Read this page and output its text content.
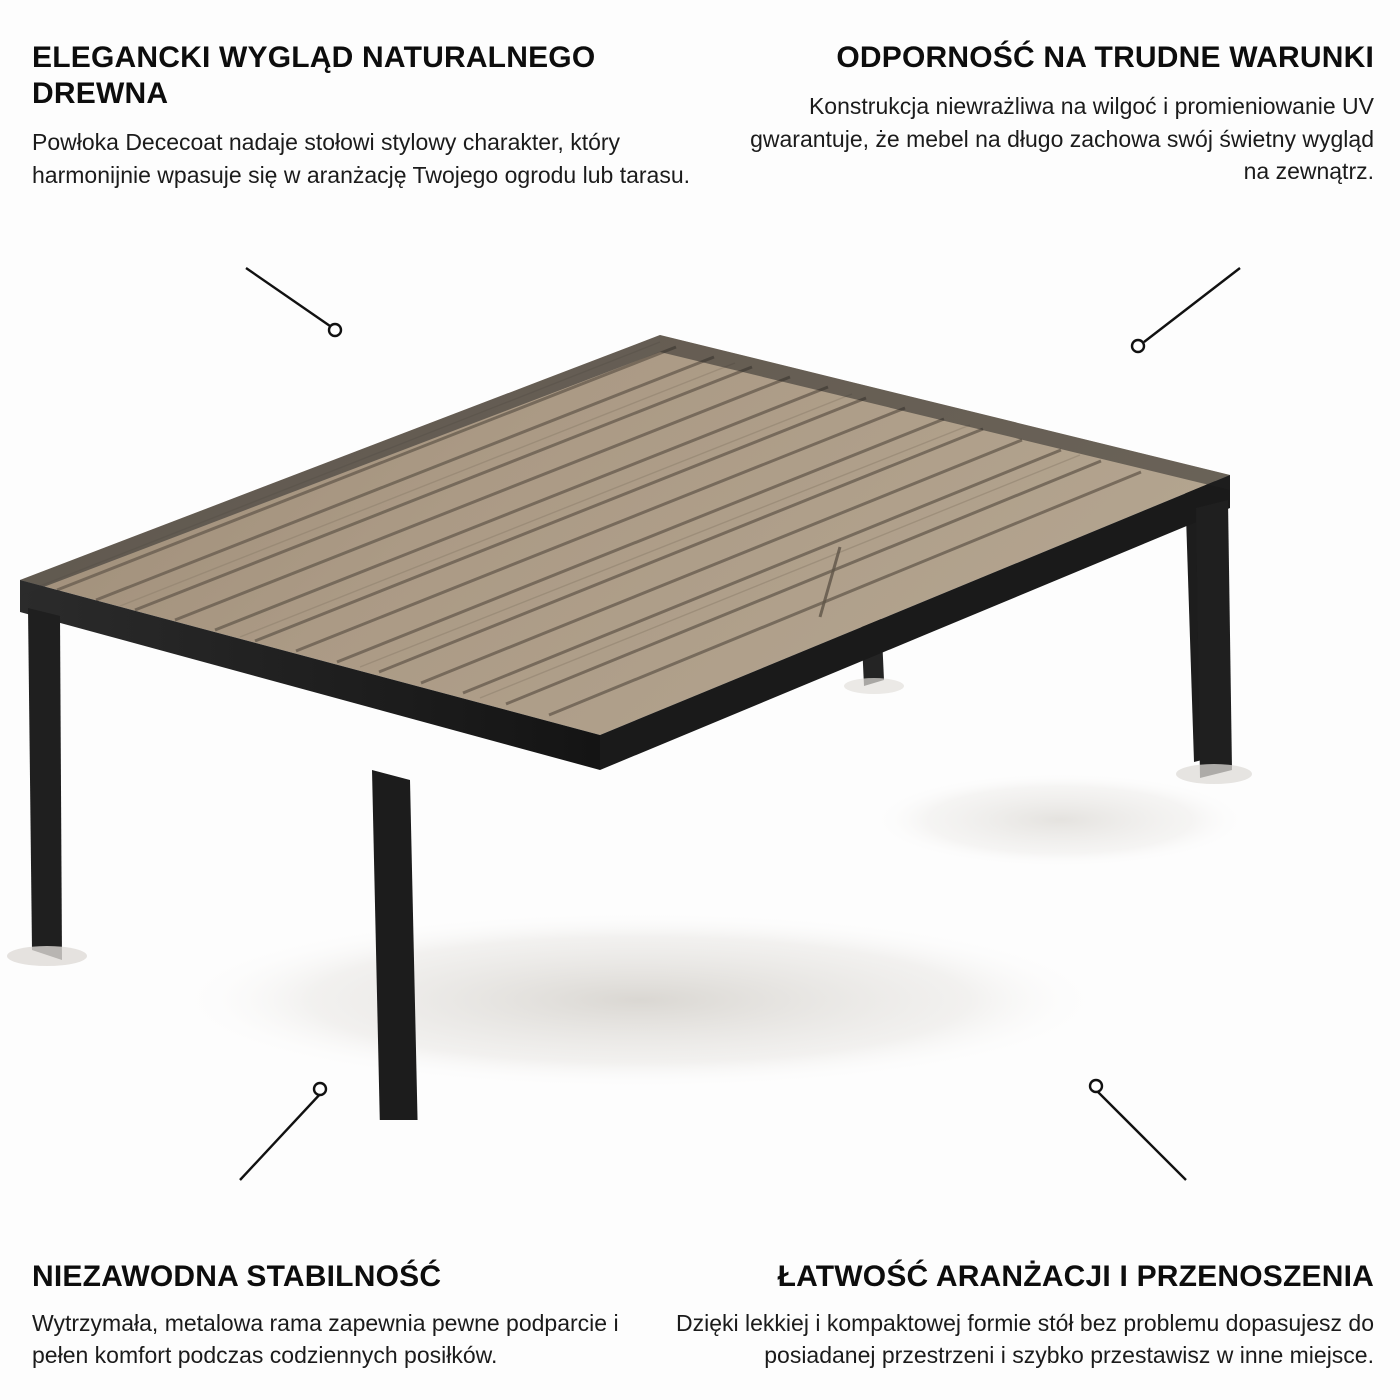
ELEGANCKI WYGLĄD NATURALNEGO DREWNA

Powłoka Dececoat nadaje stołowi stylowy charakter, który harmonijnie wpasuje się w aranżację Twojego ogrodu lub tarasu.

ODPORNOŚĆ NA TRUDNE WARUNKI

Konstrukcja niewrażliwa na wilgoć i promieniowanie UV gwarantuje, że mebel na długo zachowa swój świetny wygląd na zewnątrz.

NIEZAWODNA STABILNOŚĆ

Wytrzymała, metalowa rama zapewnia pewne podparcie i pełen komfort podczas codziennych posiłków.

ŁATWOŚĆ ARANŻACJI I PRZENOSZENIA

Dzięki lekkiej i kompaktowej formie stół bez problemu dopasujesz do posiadanej przestrzeni i szybko przestawisz w inne miejsce.
